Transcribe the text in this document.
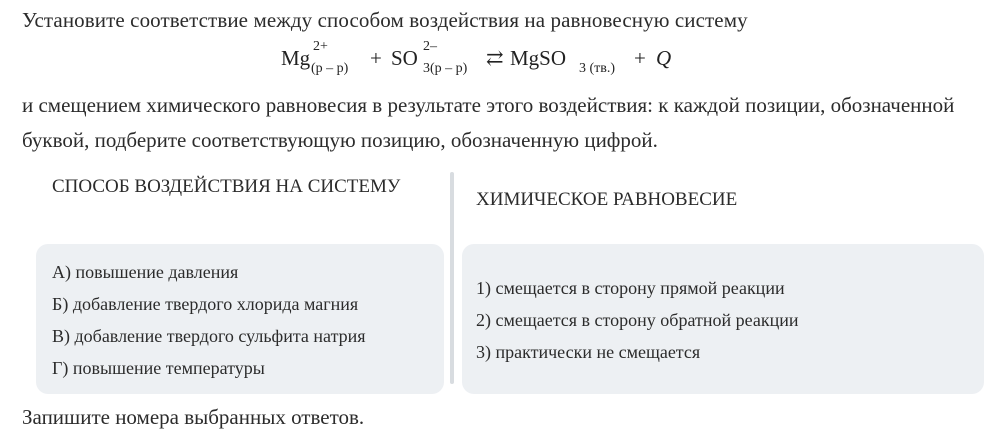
Установите соответствие между способом воздействия на равновесную систему
Mg 2+
(р – р) + SO 2–
3(р – р) ⇄ MgSO 3 (тв.) + Q
и смещением химического равновесия в результате этого воздействия: к каждой позиции, обозначенной буквой, подберите соответствующую позицию, обозначенную цифрой.
СПОСОБ ВОЗДЕЙСТВИЯ НА СИСТЕМУ
ХИМИЧЕСКОЕ РАВНОВЕСИЕ
А) повышение давления
Б) добавление твердого хлорида магния
В) добавление твердого сульфита натрия
Г) повышение температуры
1) смещается в сторону прямой реакции
2) смещается в сторону обратной реакции
3) практически не смещается
Запишите номера выбранных ответов.
